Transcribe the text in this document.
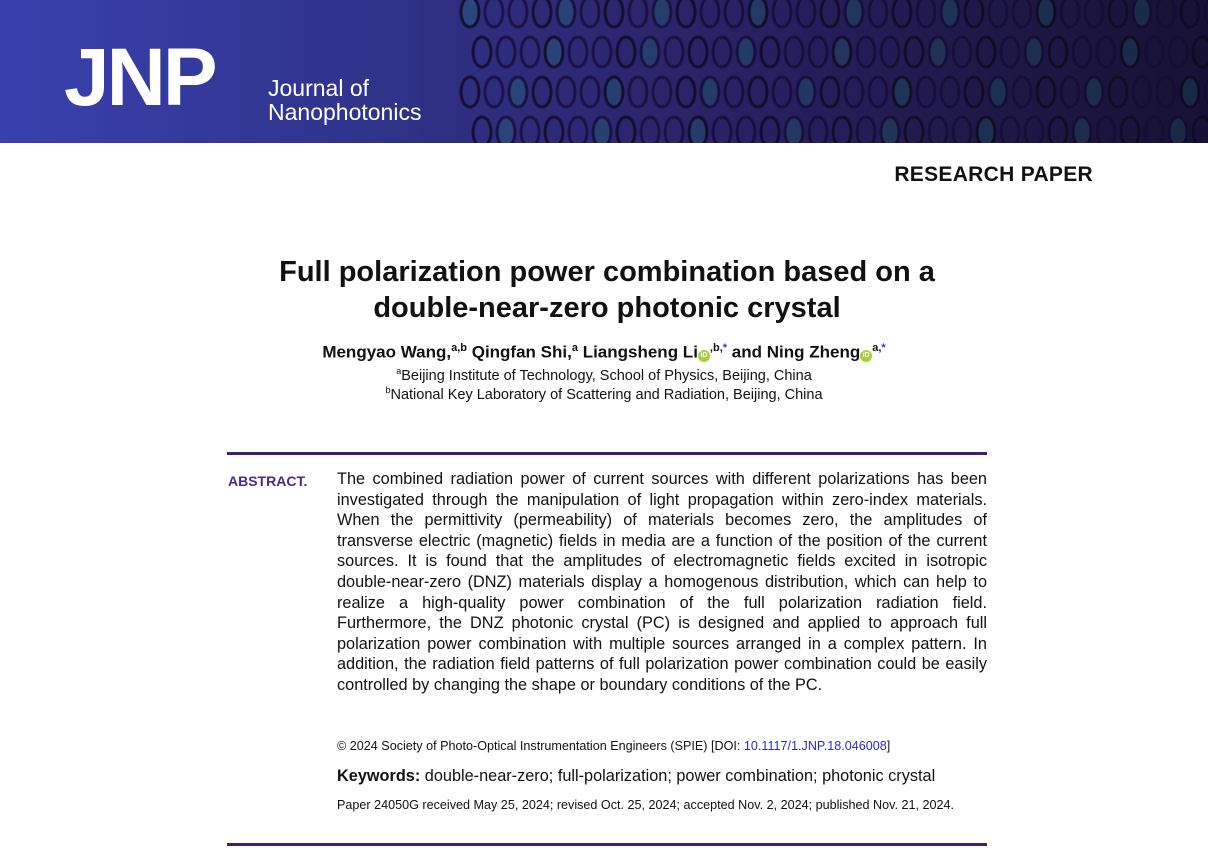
JNP Journal of
Nanophotonics
RESEARCH PAPER
Full polarization power combination based on a
double-near-zero photonic crystal
Mengyao Wang,$^{a,b}$ Qingfan Shi,$^a$ Liangsheng Li $iD^{,b,*}$ and Ning Zheng $iD^{a,*}$
$^a$Beijing Institute of Technology, School of Physics, Beijing, China
$^b$National Key Laboratory of Scattering and Radiation, Beijing, China
ABSTRACT. The combined radiation power of current sources with different polarizations has been investigated through the manipulation of light propagation within zero-index materials. When the permittivity (permeability) of materials becomes zero, the amplitudes of transverse electric (magnetic) fields in media are a function of the position of the current sources. It is found that the amplitudes of electromagnetic fields excited in isotropic double-near-zero (DNZ) materials display a homogenous distribution, which can help to realize a high-quality power combination of the full polarization radiation field. Furthermore, the DNZ photonic crystal (PC) is designed and applied to approach full polarization power combination with multiple sources arranged in a complex pattern. In addition, the radiation field patterns of full polarization power combination could be easily controlled by changing the shape or boundary conditions of the PC.
© 2024 Society of Photo-Optical Instrumentation Engineers (SPIE) [DOI: 10.1117/1.JNP.18.046008]
Keywords: double-near-zero; full-polarization; power combination; photonic crystal
Paper 24050G received May 25, 2024; revised Oct. 25, 2024; accepted Nov. 2, 2024; published Nov. 21, 2024.
